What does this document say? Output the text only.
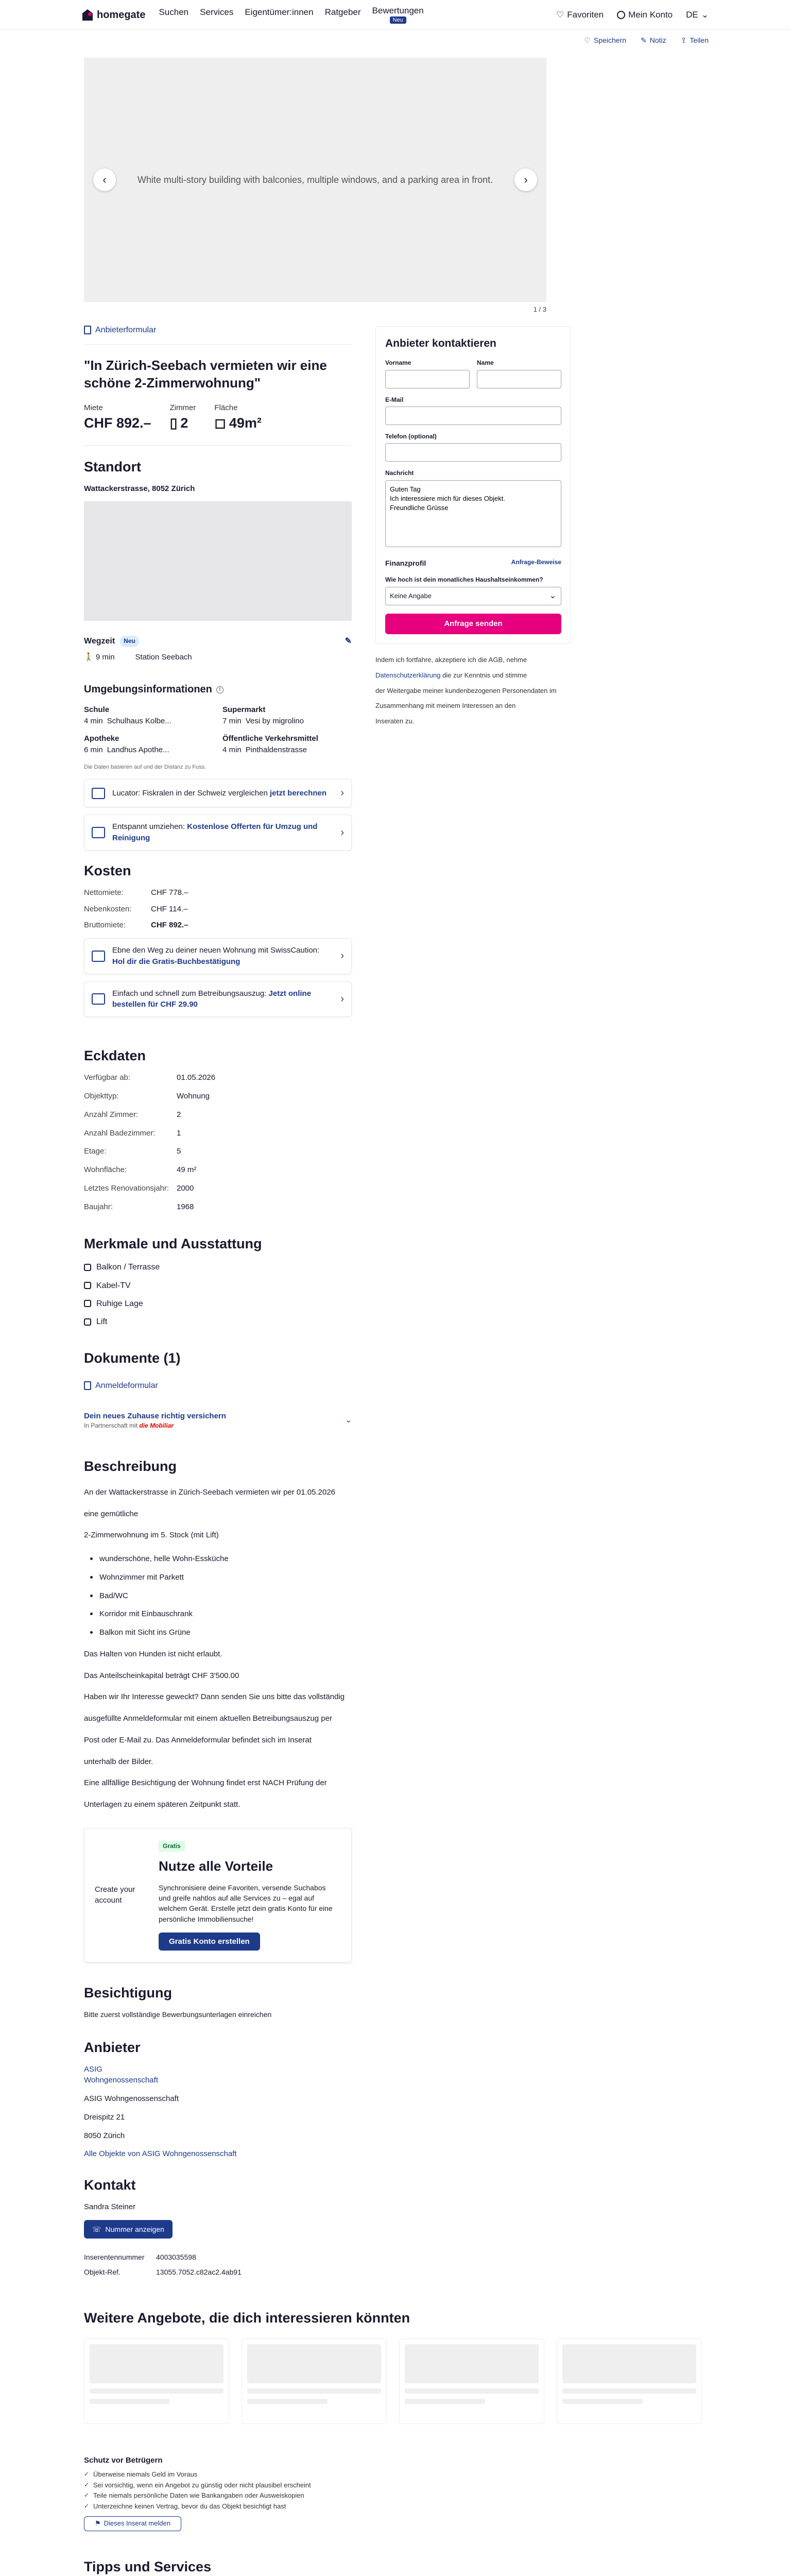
homegate Suchen Services Eigentümer:innen Ratgeber Bewertungen
Neu
♡ Favoriten	Mein Konto DE ⌄
♡ Speichern ✎ Notiz ⇪ Teilen
White multi-story building with balconies, multiple windows, and a parking area in front.
‹	›
1 / 3
Anbieterformular
"In Zürich-Seebach vermieten wir eine schöne 2-Zimmerwohnung"
Miete
CHF 892.–
Zimmer
▯ 2
Fläche
◻ 49m²
Standort
Wattackerstrasse, 8052 Zürich
Wegzeit	Neu	✎
🚶 9 min	Station Seebach
Umgebungsinformationen	i
Schule
4 min Schulhaus Kolbe...
Supermarkt
7 min Vesi by migrolino
Apotheke
6 min Landhus Apothe...
Öffentliche Verkehrsmittel
4 min Pinthaldenstrasse
Die Daten basieren auf und der Distanz zu Fuss.
Lucator: Fiskralen in der Schweiz vergleichen jetzt berechnen	›
Entspannt umziehen: Kostenlose Offerten für Umzug und Reinigung	›
Kosten
Nettomiete:	CHF 778.–
Nebenkosten:	CHF 114.–
Bruttomiete:	CHF 892.–
Ebne den Weg zu deiner neuen Wohnung mit SwissCaution: Hol dir die Gratis-Buchbestätigung	›
Einfach und schnell zum Betreibungsauszug: Jetzt online bestellen für CHF 29.90	›
Eckdaten
Verfügbar ab:	01.05.2026
Objekttyp:	Wohnung
Anzahl Zimmer:	2
Anzahl Badezimmer:	1
Etage:	5
Wohnfläche:	49 m²
Letztes Renovationsjahr: 2000
Baujahr:	1968
Merkmale und Ausstattung
Balkon / Terrasse
Kabel-TV
Ruhige Lage
Lift
Dokumente (1)
Anmeldeformular
Dein neues Zuhause richtig versichern
In Partnerschaft mit die Mobiliar
⌄
Beschreibung

An der Wattackerstrasse in Zürich-Seebach vermieten wir per 01.05.2026

eine gemütliche

2-Zimmerwohnung im 5. Stock (mit Lift)

wunderschöne, helle Wohn-Essküche
Wohnzimmer mit Parkett
Bad/WC
Korridor mit Einbauschrank
Balkon mit Sicht ins Grüne

Das Halten von Hunden ist nicht erlaubt.

Das Anteilscheinkapital beträgt CHF 3'500.00

Haben wir Ihr Interesse geweckt? Dann senden Sie uns bitte das vollständig

ausgefüllte Anmeldeformular mit einem aktuellen Betreibungsauszug per

Post oder E-Mail zu. Das Anmeldeformular befindet sich im Inserat

unterhalb der Bilder.

Eine allfällige Besichtigung der Wohnung findet erst NACH Prüfung der

Unterlagen zu einem späteren Zeitpunkt statt.

Create your account
Gratis
Nutze alle Vorteile

Synchronisiere deine Favoriten, versende Suchabos und greife nahtlos auf alle Services zu – egal auf welchem Gerät. Erstelle jetzt dein gratis Konto für eine persönliche Immobiliensuche!

Gratis Konto erstellen
Besichtigung
Bitte zuerst vollständige Bewerbungsunterlagen einreichen
Anbieter
ASIG Wohngenossenschaft

ASIG Wohngenossenschaft

Dreispitz 21

8050 Zürich

Alle Objekte von ASIG Wohngenossenschaft

Kontakt
Sandra Steiner
☏ Nummer anzeigen
Inserentennummer	4003035598
Objekt-Ref.	13055.7052.c82ac2.4ab91
Anbieter kontaktieren
Vorname	Name
E-Mail
Telefon (optional)
Nachricht
Guten Tag Ich interessiere mich für dieses Objekt. Freundliche Grüsse
Finanzprofil	Anfrage-Beweise
Wie hoch ist dein monatliches Haushaltseinkommen?
Keine Angabe	⌄
Anfrage senden
Indem ich fortfahre, akzeptiere ich die AGB, nehme
Datenschutzerklärung die zur Kenntnis und stimme
der Weitergabe meiner kundenbezogenen Personendaten im
Zusammenhang mit meinem Interessen an den
Inseraten zu.
Weitere Angebote, die dich interessieren könnten
Schutz vor Betrügern
✓ Überweise niemals Geld im Voraus
✓ Sei vorsichtig, wenn ein Angebot zu günstig oder nicht plausibel erscheint
✓ Teile niemals persönliche Daten wie Bankangaben oder Ausweiskopien
✓ Unterzeichne keinen Vertrag, bevor du das Objekt besichtigt hast
⚑ Dieses Inserat melden
Tipps und Services
